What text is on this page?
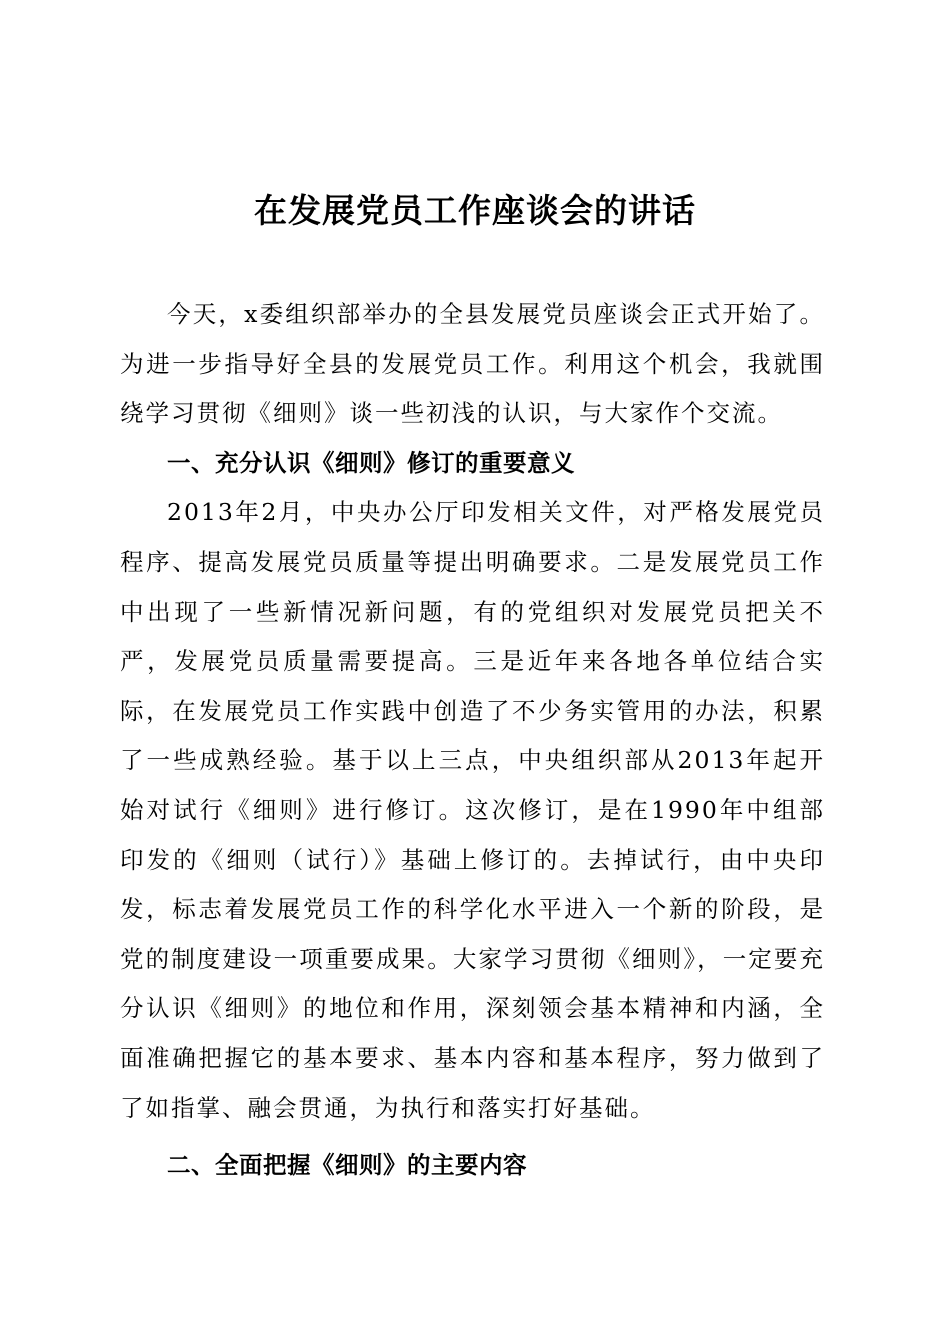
在发展党员工作座谈会的讲话

今天，x委组织部举办的全县发展党员座谈会正式开始了。为进一步指导好全县的发展党员工作。利用这个机会，我就围绕学习贯彻《细则》谈一些初浅的认识，与大家作个交流。

一、充分认识《细则》修订的重要意义

2013年2月，中央办公厅印发相关文件，对严格发展党员程序、提高发展党员质量等提出明确要求。二是发展党员工作中出现了一些新情况新问题，有的党组织对发展党员把关不严，发展党员质量需要提高。三是近年来各地各单位结合实际，在发展党员工作实践中创造了不少务实管用的办法，积累了一些成熟经验。基于以上三点，中央组织部从2013年起开始对试行《细则》进行修订。这次修订，是在1990年中组部印发的《细则（试行）》基础上修订的。去掉试行，由中央印发，标志着发展党员工作的科学化水平进入一个新的阶段，是党的制度建设一项重要成果。大家学习贯彻《细则》，一定要充分认识《细则》的地位和作用，深刻领会基本精神和内涵，全面准确把握它的基本要求、基本内容和基本程序，努力做到了了如指掌、融会贯通，为执行和落实打好基础。

二、全面把握《细则》的主要内容
